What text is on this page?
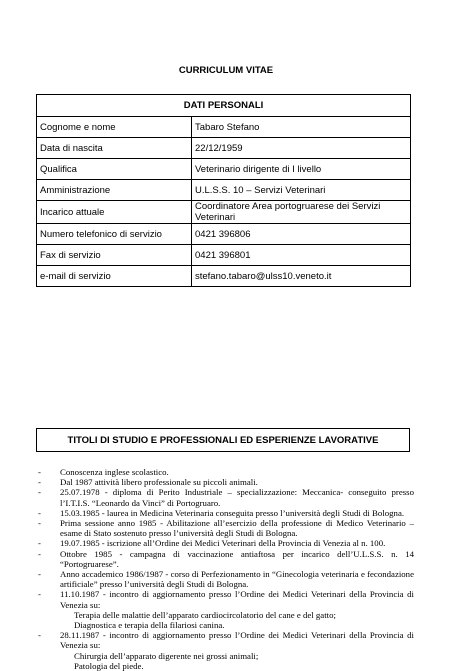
CURRICULUM VITAE
DATI PERSONALI	
Cognome e nome	Tabaro Stefano
Data di nascita	22/12/1959
Qualifica	Veterinario dirigente di I livello
Amministrazione	U.L.S.S. 10 – Servizi Veterinari
Incarico attuale	Coordinatore Area portogruarese dei Servizi Veterinari
Numero telefonico di servizio	0421 396806
Fax di servizio	0421 396801
e-mail di servizio	stefano.tabaro@ulss10.veneto.it
TITOLI DI STUDIO E PROFESSIONALI ED ESPERIENZE LAVORATIVE
- Conoscenza inglese scolastico.
- Dal 1987 attività libero professionale su piccoli animali.
- 25.07.1978 - diploma di Perito Industriale – specializzazione: Meccanica- conseguito presso l’I.T.I.S. “Leonardo da Vinci” di Portogruaro.
- 15.03.1985 - laurea in Medicina Veterinaria conseguita presso l’università degli Studi di Bologna.
- Prima sessione anno 1985 - Abilitazione all’esercizio della professione di Medico Veterinario – esame di Stato sostenuto presso l’università degli Studi di Bologna.
- 19.07.1985 - iscrizione all’Ordine dei Medici Veterinari della Provincia di Venezia al n. 100.
- Ottobre 1985 - campagna di vaccinazione antiaftosa per incarico dell’U.L.S.S. n. 14 “Portogruarese”.
- Anno accademico 1986/1987 - corso di Perfezionamento in “Ginecologia veterinaria e fecondazione artificiale” presso l’università degli Studi di Bologna.
- 11.10.1987 - incontro di aggiornamento presso l’Ordine dei Medici Veterinari della Provincia di Venezia su:
Terapia delle malattie dell’apparato cardiocircolatorio del cane e del gatto;
Diagnostica e terapia della filariosi canina.
- 28.11.1987 - incontro di aggiornamento presso l’Ordine dei Medici Veterinari della Provincia di Venezia su:
Chirurgia dell’apparato digerente nei grossi animali;
Patologia del piede.
